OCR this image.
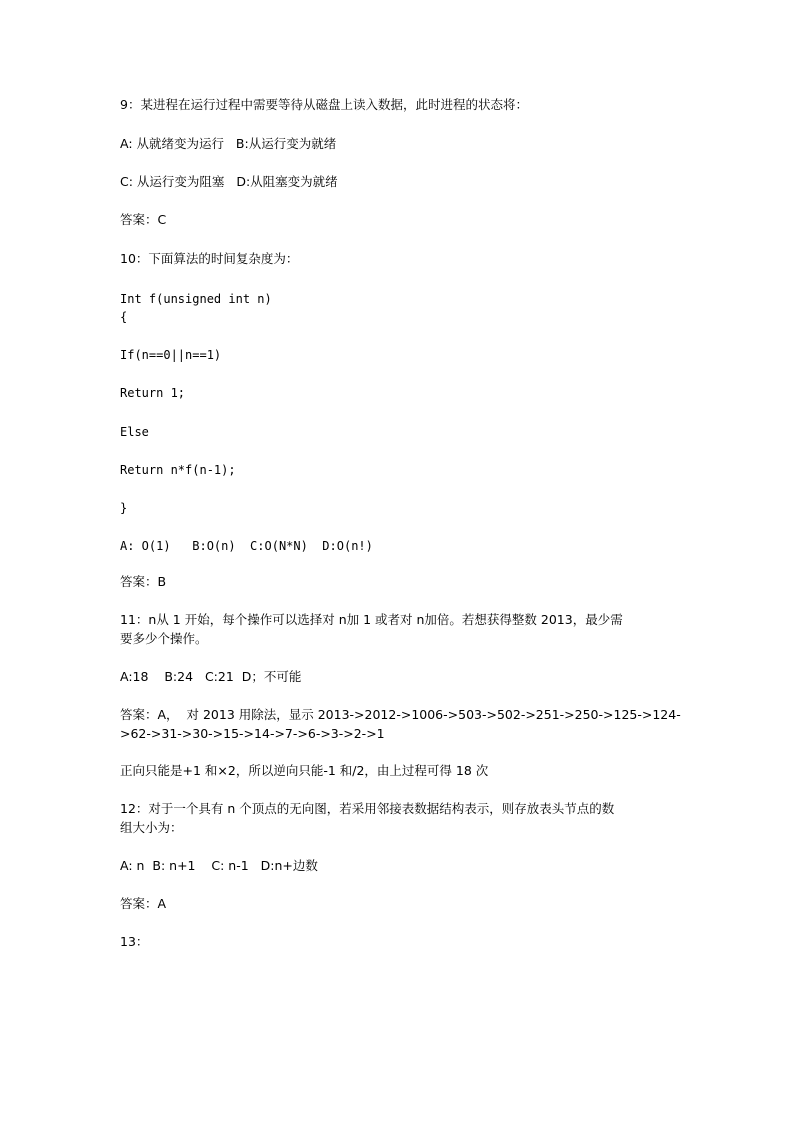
9：某进程在运行过程中需要等待从磁盘上读入数据，此时进程的状态将：
A: 从就绪变为运行   B:从运行变为就绪
C: 从运行变为阻塞   D:从阻塞变为就绪
答案：C
10：下面算法的时间复杂度为：
Int f(unsigned int n)
{
If(n==0||n==1)
Return 1;
Else
Return n*f(n-1);
}
A: O(1)   B:O(n)  C:O(N*N)  D:O(n!)
答案：B
11：n从 1 开始，每个操作可以选择对 n加 1 或者对 n加倍。若想获得整数 2013，最少需
要多少个操作。
A:18    B:24   C:21  D；不可能
答案：A，  对 2013 用除法，显示 2013->2012->1006->503->502->251->250->125->124-
>62->31->30->15->14->7->6->3->2->1
正向只能是+1 和×2，所以逆向只能-1 和/2，由上过程可得 18 次
12：对于一个具有 n 个顶点的无向图，若采用邻接表数据结构表示，则存放表头节点的数
组大小为：
A: n  B: n+1    C: n-1   D:n+边数
答案：A
13：
